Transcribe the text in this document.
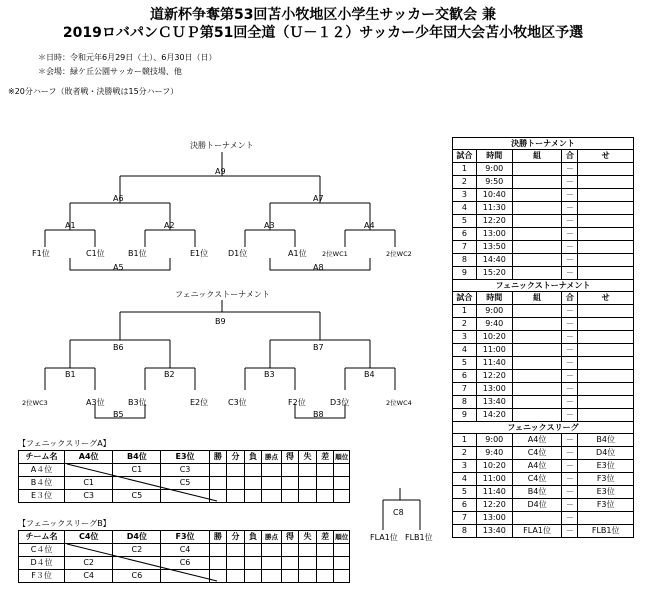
道新杯争奪第53回苫小牧地区小学生サッカー交歓会 兼
2019ロバパンＣＵＰ第51回全道（Ｕ－１２）サッカー少年団大会苫小牧地区予選
＊日時：令和元年6月29日（土）、6月30日（日）
＊会場：緑ケ丘公園サッカー競技場、他
※20分ハーフ（敗者戦・決勝戦は15分ハーフ）
決勝トーナメント
A9
A6	A7
A1	A2	A3	A4
F1位	C1位	B1位	E1位 D1位	A1位 2位WC1	2位WC2
A5	A8
フェニックストーナメント
B9
B6	B7
B1	B2	B3	B4
2位WC3	A3位	B3位	E2位 C3位	F2位	D3位	2位WC4
B5	B8
【フェニックスリーグA】
チーム名	A4位	B4位	E3位	勝	分	負	勝点	得	失	差	順位
A４位		C1	C3								
B４位	C1		C5								
E３位	C3	C5									
【フェニックスリーグB】
チーム名	C4位	D4位	F3位	勝	分	負	勝点	得	失	差	順位
C４位		C2	C4								
D４位	C2		C6								
F３位	C4	C6									
C8
FLA1位 FLB1位
決勝トーナメント				
試合	時間	組	合	せ
1	9:00		－	
2	9:50		－	
3	10:40		－	
4	11:30		－	
5	12:20		－	
6	13:00		－	
7	13:50		－	
8	14:40		－	
9	15:20		－	
フェニックストーナメント				
試合	時間	組	合	せ
1	9:00		－	
2	9:40		－	
3	10:20		－	
4	11:00		－	
5	11:40		－	
6	12:20		－	
7	13:00		－	
8	13:40		－	
9	14:20		－	
フェニックスリーグ				
1	9:00	A4位	－	B4位
2	9:40	C4位	－	D4位
3	10:20	A4位	－	E3位
4	11:00	C4位	－	F3位
5	11:40	B4位	－	E3位
6	12:20	D4位	－	F3位
7	13:00		－	
8	13:40	FLA1位	－	FLB1位
